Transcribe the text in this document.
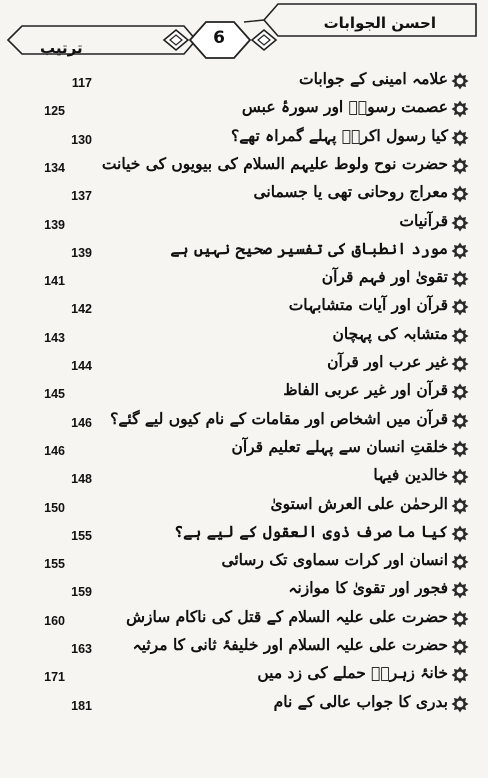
احسن الجوابات
6
ترتیب
117	علامہ امینی کے جوابات
125	عصمت رسولؐ اور سورۂ عبس
130	کیا رسول اکرمؐ پہلے گمراہ تھے؟
134 حضرت نوح ولوط علیہم السلام کی بیویوں کی خیانت
137	معراج روحانی تھی یا جسمانی
139	قرآنیات
139	مورد انطباق کی تفسیر صحیح نہیں ہے
141	تقویٰ اور فہم قرآن
142	قرآن اور آیات متشابہات
143	متشابہ کی پہچان
144	غیر عرب اور قرآن
145	قرآن اور غیر عربی الفاظ
146 قرآن میں اشخاص اور مقامات کے نام کیوں لیے گئے؟
146	خلقتِ انسان سے پہلے تعلیم قرآن
148	خالدین فیہا
150	الرحمٰن علی العرش استویٰ
155	کیا ما صرف ذوی العقول کے لیے ہے؟
155	انسان اور کرات سماوی تک رسائی
159	فجور اور تقویٰ کا موازنہ
160	حضرت علی علیہ السلام کے قتل کی ناکام سازش
163	حضرت علی علیہ السلام اور خلیفۂ ثانی کا مرثیہ
171	خانۂ زہراؑ حملے کی زد میں
181	بدری کا جواب عالی کے نام
